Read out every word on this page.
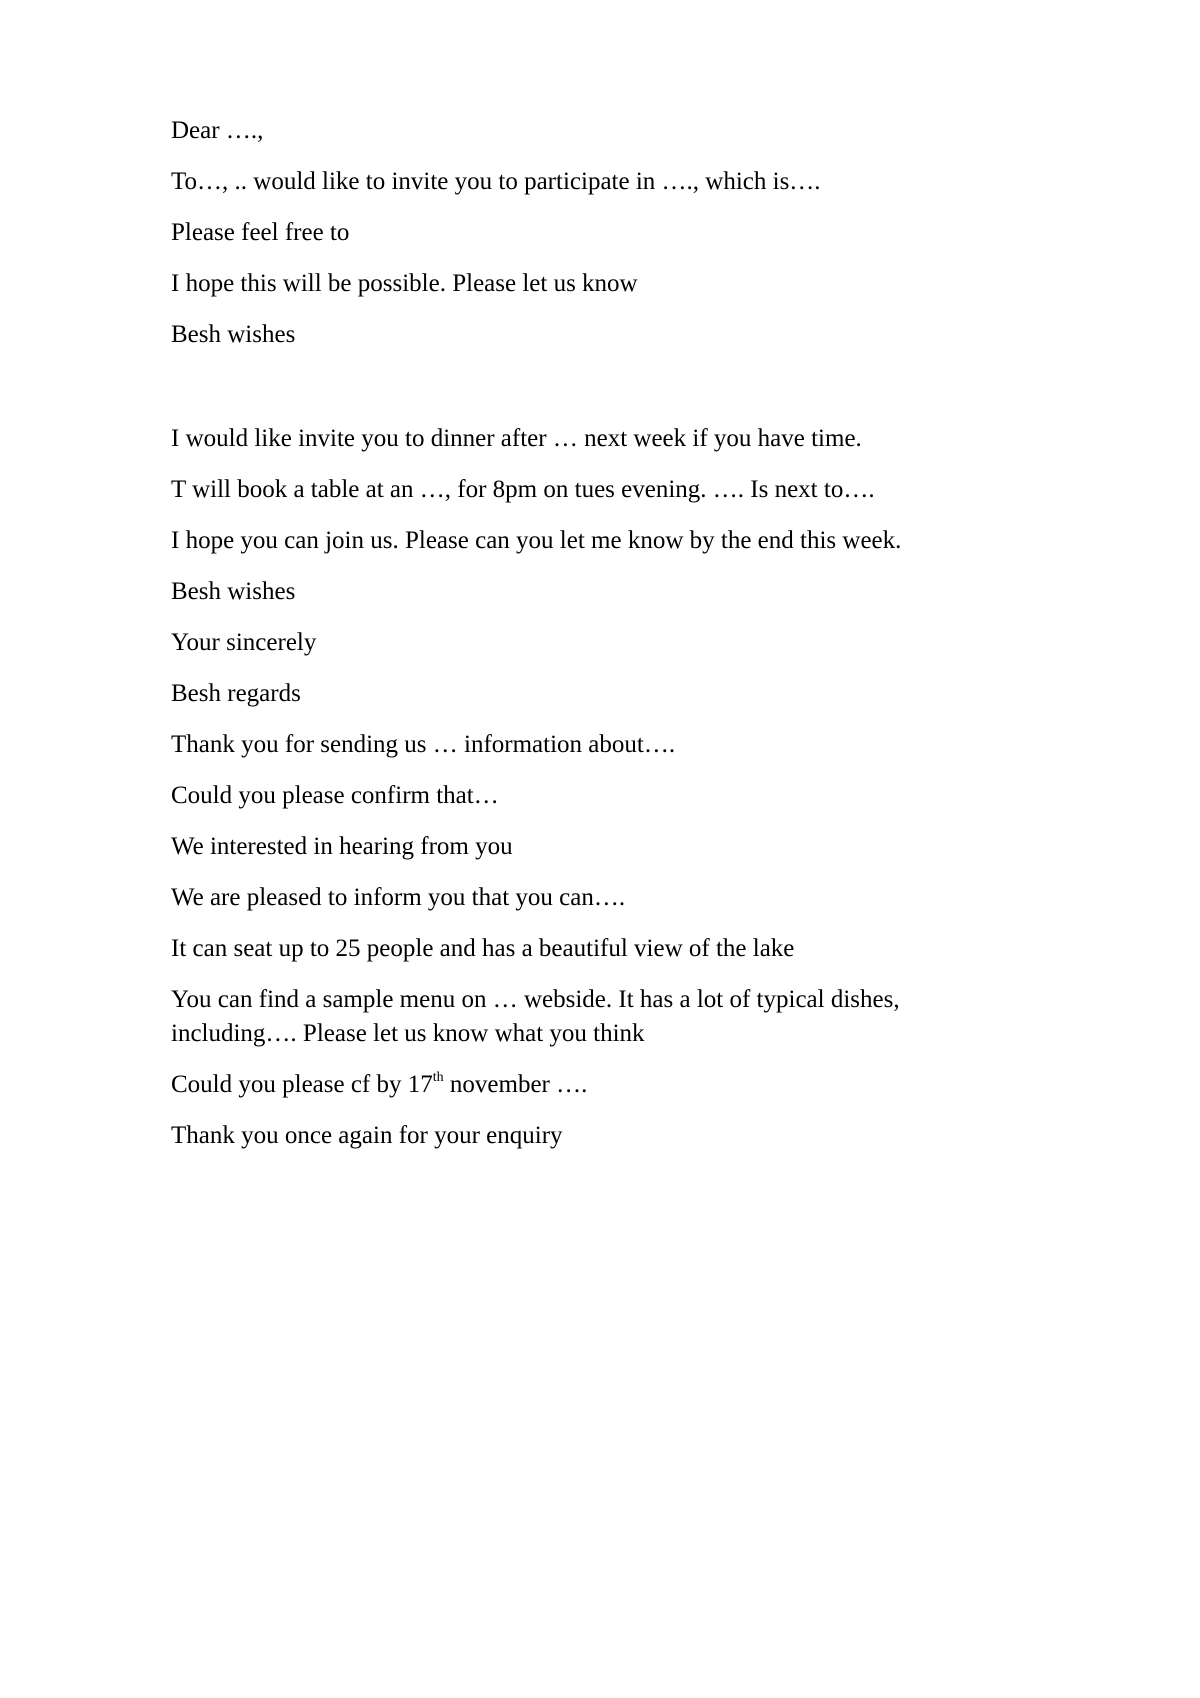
Dear ….,

To…, .. would like to invite you to participate in …., which is….

Please feel free to

I hope this will be possible. Please let us know

Besh wishes

I would like invite you to dinner after … next week if you have time.

T will book a table at an …, for 8pm on tues evening. …. Is next to….

I hope you can join us. Please can you let me know by the end this week.

Besh wishes

Your sincerely

Besh regards

Thank you for sending us … information about….

Could you please confirm that…

We interested in hearing from you

We are pleased to inform you that you can….

It can seat up to 25 people and has a beautiful view of the lake

You can find a sample menu on … webside. It has a lot of typical dishes, including…. Please let us know what you think

Could you please cf by 17th november ….

Thank you once again for your enquiry
